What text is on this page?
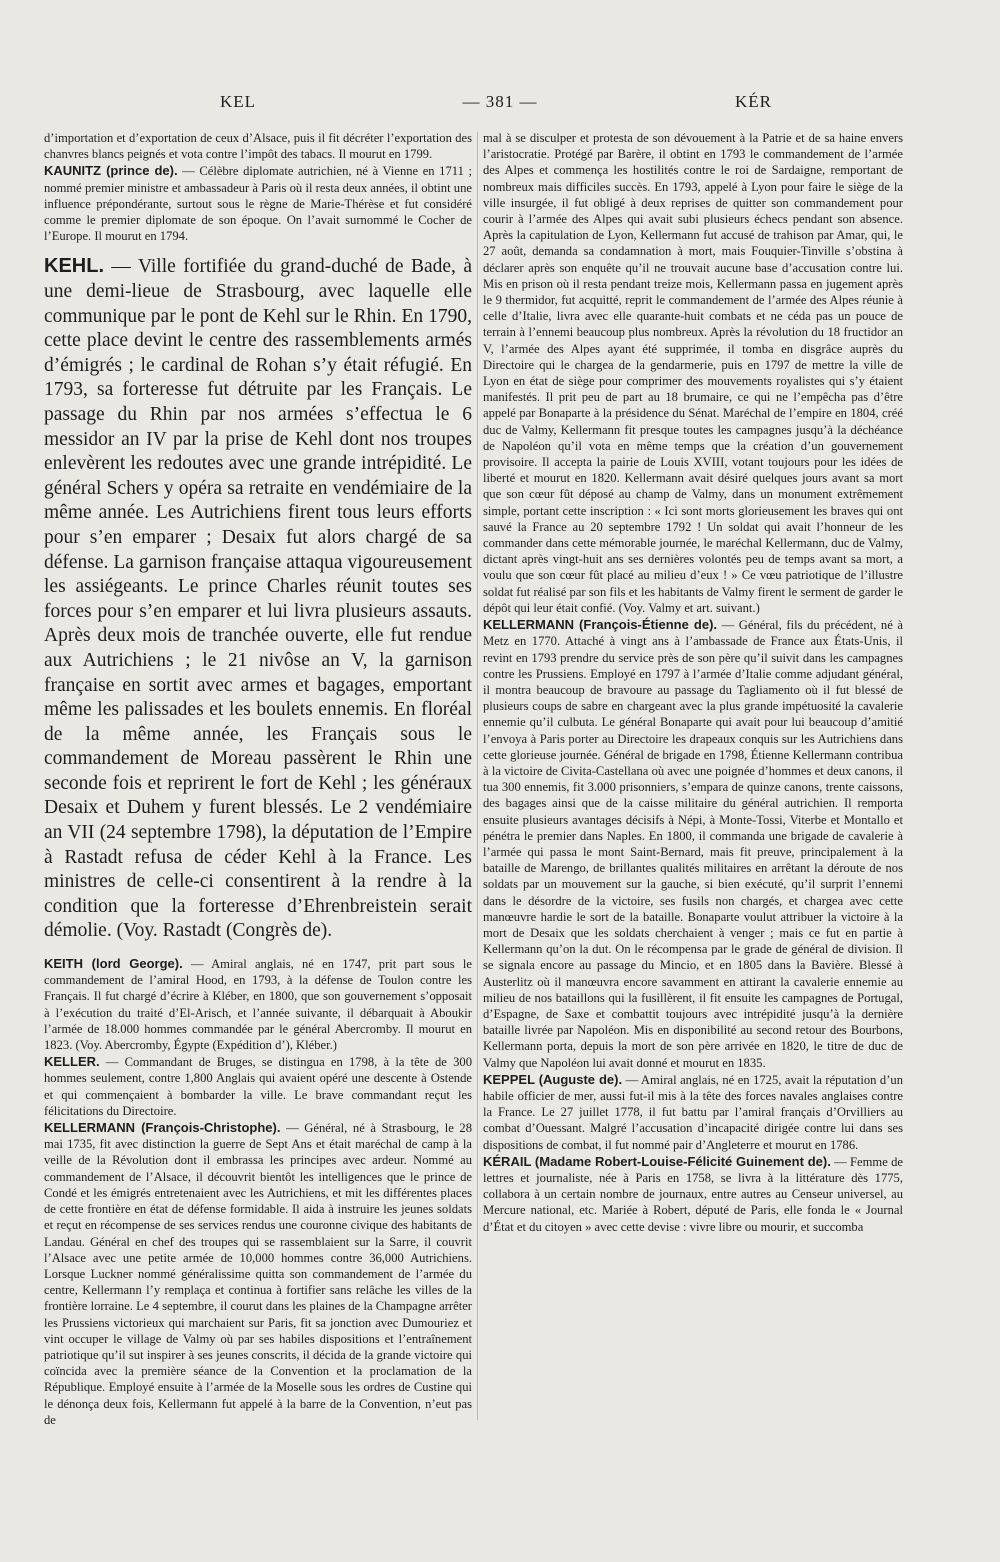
KEL	— 381 —	KÉR

d’importation et d’exportation de ceux d’Alsace, puis il fit décréter l’exportation des chanvres blancs peignés et vota contre l’impôt des tabacs. Il mourut en 1799.

KAUNITZ (prince de). — Célèbre diplomate autrichien, né à Vienne en 1711 ; nommé premier ministre et ambassadeur à Paris où il resta deux années, il obtint une influence prépondérante, surtout sous le règne de Marie-Thérèse et fut considéré comme le premier diplomate de son époque. On l’avait surnommé le Cocher de l’Europe. Il mourut en 1794.

KEHL. — Ville fortifiée du grand-duché de Bade, à une demi-lieue de Strasbourg, avec laquelle elle communique par le pont de Kehl sur le Rhin. En 1790, cette place devint le centre des rassemblements armés d’émigrés ; le cardinal de Rohan s’y était réfugié. En 1793, sa forteresse fut détruite par les Français. Le passage du Rhin par nos armées s’effectua le 6 messidor an IV par la prise de Kehl dont nos troupes enlevèrent les redoutes avec une grande intrépidité. Le général Schers y opéra sa retraite en vendémiaire de la même année. Les Autrichiens firent tous leurs efforts pour s’en emparer ; Desaix fut alors chargé de sa défense. La garnison française attaqua vigoureusement les assiégeants. Le prince Charles réunit toutes ses forces pour s’en emparer et lui livra plusieurs assauts. Après deux mois de tranchée ouverte, elle fut rendue aux Autrichiens ; le 21 nivôse an V, la garnison française en sortit avec armes et bagages, emportant même les palissades et les boulets ennemis. En floréal de la même année, les Français sous le commandement de Moreau passèrent le Rhin une seconde fois et reprirent le fort de Kehl ; les généraux Desaix et Duhem y furent blessés. Le 2 vendémiaire an VII (24 septembre 1798), la députation de l’Empire à Rastadt refusa de céder Kehl à la France. Les ministres de celle-ci consentirent à la rendre à la condition que la forteresse d’Ehrenbreistein serait démolie. (Voy. Rastadt (Congrès de).

KEITH (lord George). — Amiral anglais, né en 1747, prit part sous le commandement de l’amiral Hood, en 1793, à la défense de Toulon contre les Français. Il fut chargé d’écrire à Kléber, en 1800, que son gouvernement s’opposait à l’exécution du traité d’El-Arisch, et l’année suivante, il débarquait à Aboukir l’armée de 18.000 hommes commandée par le général Abercromby. Il mourut en 1823. (Voy. Abercromby, Égypte (Expédition d’), Kléber.)

KELLER. — Commandant de Bruges, se distingua en 1798, à la tête de 300 hommes seulement, contre 1,800 Anglais qui avaient opéré une descente à Ostende et qui commençaient à bombarder la ville. Le brave commandant reçut les félicitations du Directoire.

KELLERMANN (François-Christophe). — Général, né à Strasbourg, le 28 mai 1735, fit avec distinction la guerre de Sept Ans et était maréchal de camp à la veille de la Révolution dont il embrassa les principes avec ardeur. Nommé au commandement de l’Alsace, il découvrit bientôt les intelligences que le prince de Condé et les émigrés entretenaient avec les Autrichiens, et mit les différentes places de cette frontière en état de défense formidable. Il aida à instruire les jeunes soldats et reçut en récompense de ses services rendus une couronne civique des habitants de Landau. Général en chef des troupes qui se rassemblaient sur la Sarre, il couvrit l’Alsace avec une petite armée de 10,000 hommes contre 36,000 Autrichiens. Lorsque Luckner nommé généralissime quitta son commandement de l’armée du centre, Kellermann l’y remplaça et continua à fortifier sans relâche les villes de la frontière lorraine. Le 4 septembre, il courut dans les plaines de la Champagne arrêter les Prussiens victorieux qui marchaient sur Paris, fit sa jonction avec Dumouriez et vint occuper le village de Valmy où par ses habiles dispositions et l’entraînement patriotique qu’il sut inspirer à ses jeunes conscrits, il décida de la grande victoire qui coïncida avec la première séance de la Convention et la proclamation de la République. Employé ensuite à l’armée de la Moselle sous les ordres de Custine qui le dénonça deux fois, Kellermann fut appelé à la barre de la Convention, n’eut pas de

mal à se disculper et protesta de son dévouement à la Patrie et de sa haine envers l’aristocratie. Protégé par Barère, il obtint en 1793 le commandement de l’armée des Alpes et commença les hostilités contre le roi de Sardaigne, remportant de nombreux mais difficiles succès. En 1793, appelé à Lyon pour faire le siège de la ville insurgée, il fut obligé à deux reprises de quitter son commandement pour courir à l’armée des Alpes qui avait subi plusieurs échecs pendant son absence. Après la capitulation de Lyon, Kellermann fut accusé de trahison par Amar, qui, le 27 août, demanda sa condamnation à mort, mais Fouquier-Tinville s’obstina à déclarer après son enquête qu’il ne trouvait aucune base d’accusation contre lui. Mis en prison où il resta pendant treize mois, Kellermann passa en jugement après le 9 thermidor, fut acquitté, reprit le commandement de l’armée des Alpes réunie à celle d’Italie, livra avec elle quarante-huit combats et ne céda pas un pouce de terrain à l’ennemi beaucoup plus nombreux. Après la révolution du 18 fructidor an V, l’armée des Alpes ayant été supprimée, il tomba en disgrâce auprès du Directoire qui le chargea de la gendarmerie, puis en 1797 de mettre la ville de Lyon en état de siège pour comprimer des mouvements royalistes qui s’y étaient manifestés. Il prit peu de part au 18 brumaire, ce qui ne l’empêcha pas d’être appelé par Bonaparte à la présidence du Sénat. Maréchal de l’empire en 1804, créé duc de Valmy, Kellermann fit presque toutes les campagnes jusqu’à la déchéance de Napoléon qu’il vota en même temps que la création d’un gouvernement provisoire. Il accepta la pairie de Louis XVIII, votant toujours pour les idées de liberté et mourut en 1820. Kellermann avait désiré quelques jours avant sa mort que son cœur fût déposé au champ de Valmy, dans un monument extrêmement simple, portant cette inscription : « Ici sont morts glorieusement les braves qui ont sauvé la France au 20 septembre 1792 ! Un soldat qui avait l’honneur de les commander dans cette mémorable journée, le maréchal Kellermann, duc de Valmy, dictant après vingt-huit ans ses dernières volontés peu de temps avant sa mort, a voulu que son cœur fût placé au milieu d’eux ! » Ce vœu patriotique de l’illustre soldat fut réalisé par son fils et les habitants de Valmy firent le serment de garder le dépôt qui leur était confié. (Voy. Valmy et art. suivant.)

KELLERMANN (François-Étienne de). — Général, fils du précédent, né à Metz en 1770. Attaché à vingt ans à l’ambassade de France aux États-Unis, il revint en 1793 prendre du service près de son père qu’il suivit dans les campagnes contre les Prussiens. Employé en 1797 à l’armée d’Italie comme adjudant général, il montra beaucoup de bravoure au passage du Tagliamento où il fut blessé de plusieurs coups de sabre en chargeant avec la plus grande impétuosité la cavalerie ennemie qu’il culbuta. Le général Bonaparte qui avait pour lui beaucoup d’amitié l’envoya à Paris porter au Directoire les drapeaux conquis sur les Autrichiens dans cette glorieuse journée. Général de brigade en 1798, Étienne Kellermann contribua à la victoire de Civita-Castellana où avec une poignée d’hommes et deux canons, il tua 300 ennemis, fit 3.000 prisonniers, s’empara de quinze canons, trente caissons, des bagages ainsi que de la caisse militaire du général autrichien. Il remporta ensuite plusieurs avantages décisifs à Népi, à Monte-Tossi, Viterbe et Montallo et pénétra le premier dans Naples. En 1800, il commanda une brigade de cavalerie à l’armée qui passa le mont Saint-Bernard, mais fit preuve, principalement à la bataille de Marengo, de brillantes qualités militaires en arrêtant la déroute de nos soldats par un mouvement sur la gauche, si bien exécuté, qu’il surprit l’ennemi dans le désordre de la victoire, ses fusils non chargés, et chargea avec cette manœuvre hardie le sort de la bataille. Bonaparte voulut attribuer la victoire à la mort de Desaix que les soldats cherchaient à venger ; mais ce fut en partie à Kellermann qu’on la dut. On le récompensa par le grade de général de division. Il se signala encore au passage du Mincio, et en 1805 dans la Bavière. Blessé à Austerlitz où il manœuvra encore savamment en attirant la cavalerie ennemie au milieu de nos bataillons qui la fusillèrent, il fit ensuite les campagnes de Portugal, d’Espagne, de Saxe et combattit toujours avec intrépidité jusqu’à la dernière bataille livrée par Napoléon. Mis en disponibilité au second retour des Bourbons, Kellermann porta, depuis la mort de son père arrivée en 1820, le titre de duc de Valmy que Napoléon lui avait donné et mourut en 1835.

KEPPEL (Auguste de). — Amiral anglais, né en 1725, avait la réputation d’un habile officier de mer, aussi fut-il mis à la tête des forces navales anglaises contre la France. Le 27 juillet 1778, il fut battu par l’amiral français d’Orvilliers au combat d’Ouessant. Malgré l’accusation d’incapacité dirigée contre lui dans ses dispositions de combat, il fut nommé pair d’Angleterre et mourut en 1786.

KÉRAIL (Madame Robert-Louise-Félicité Guinement de). — Femme de lettres et journaliste, née à Paris en 1758, se livra à la littérature dès 1775, collabora à un certain nombre de journaux, entre autres au Censeur universel, au Mercure national, etc. Mariée à Robert, député de Paris, elle fonda le « Journal d’État et du citoyen » avec cette devise : vivre libre ou mourir, et succomba
